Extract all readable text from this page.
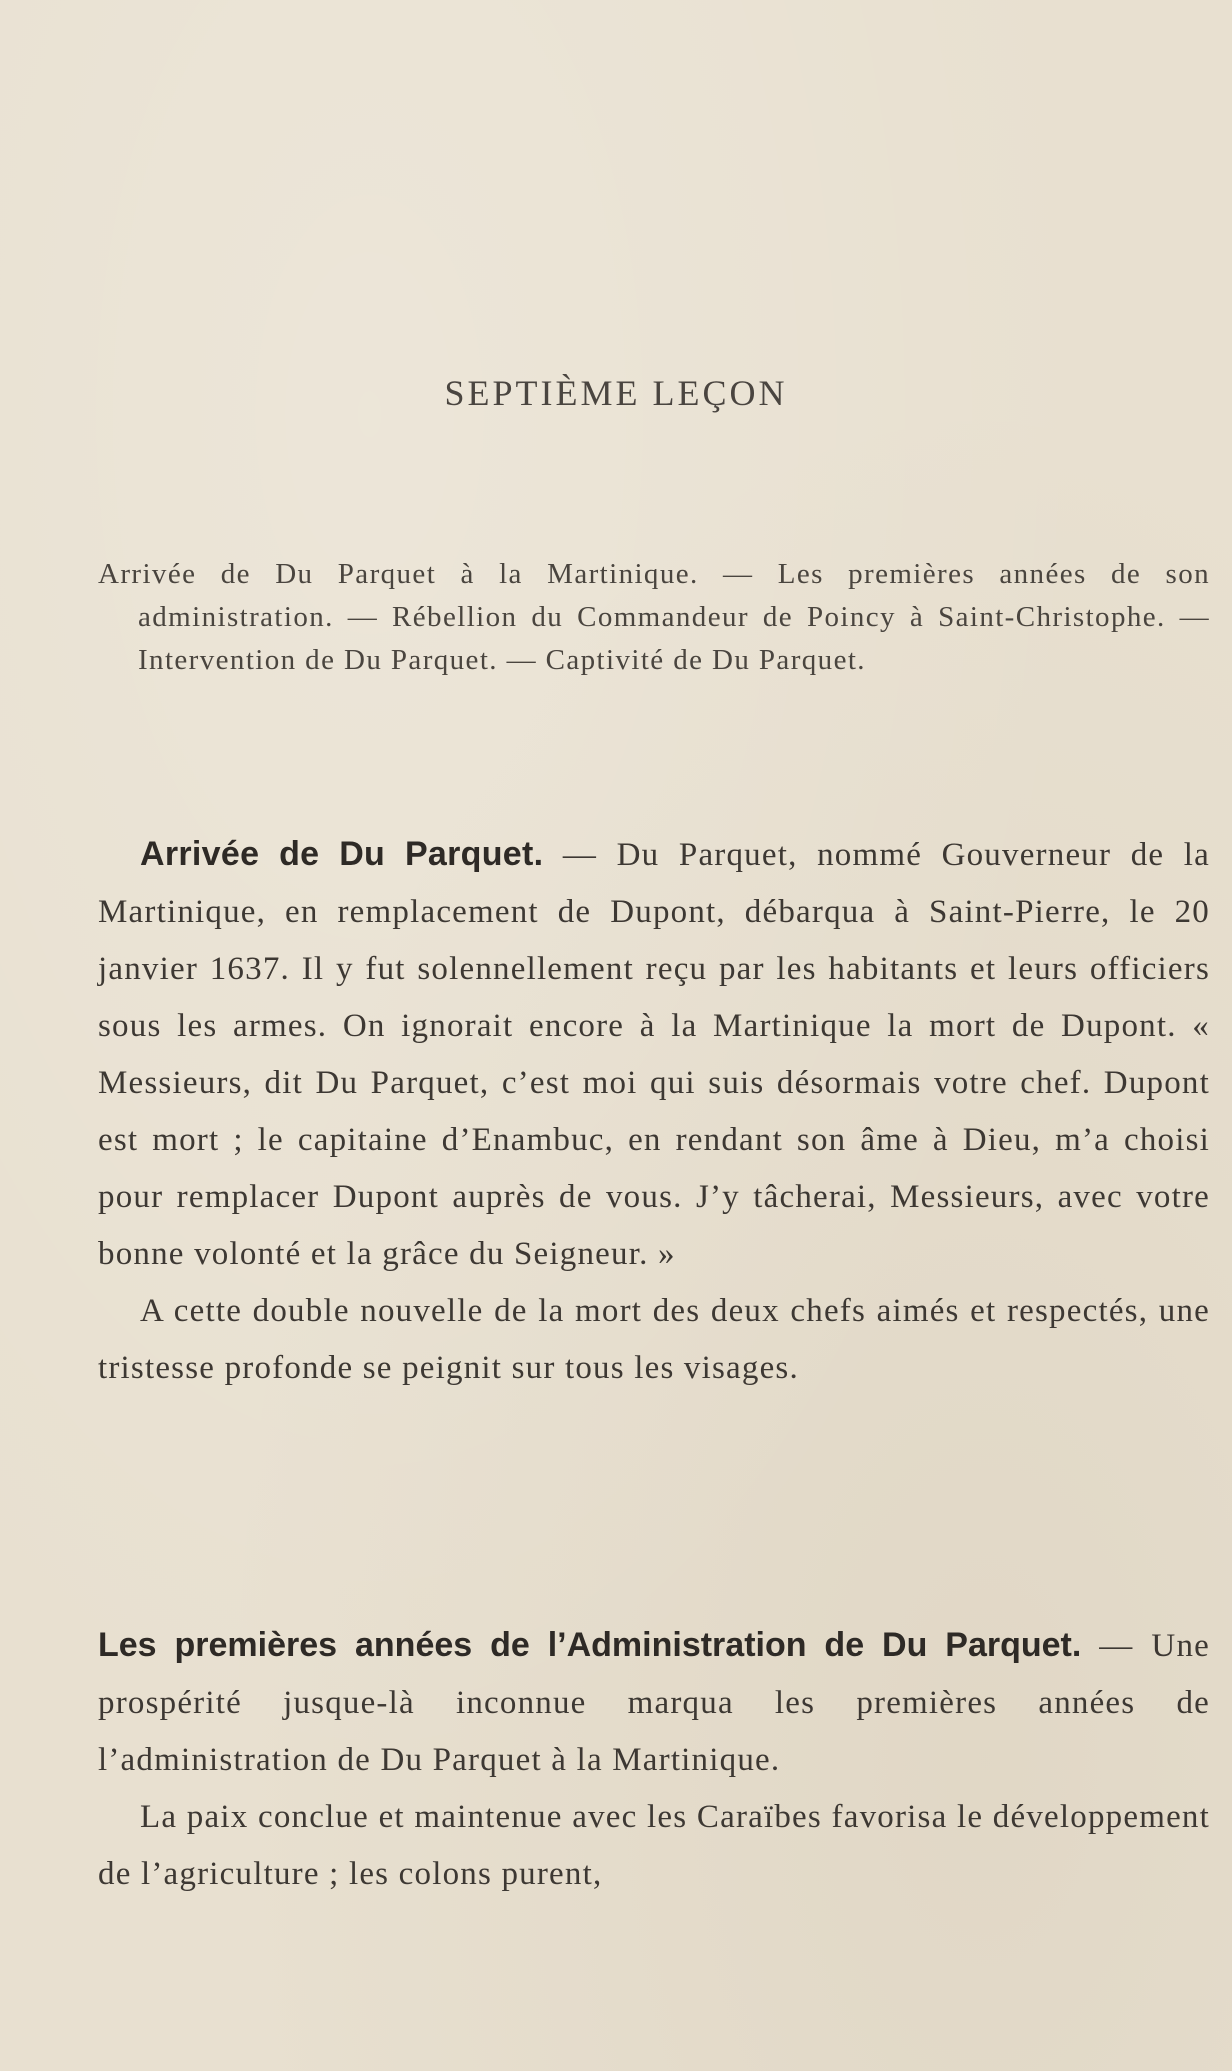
SEPTIÈME LEÇON

Arrivée de Du Parquet à la Martinique. — Les premières années de son administration. — Rébellion du Commandeur de Poincy à Saint-Christophe. — Intervention de Du Parquet. — Captivité de Du Parquet.

Arrivée de Du Parquet. — Du Parquet, nommé Gouverneur de la Martinique, en remplacement de Dupont, débarqua à Saint-Pierre, le 20 janvier 1637. Il y fut solennellement reçu par les habitants et leurs officiers sous les armes. On ignorait encore à la Martinique la mort de Dupont. « Messieurs, dit Du Parquet, c’est moi qui suis désormais votre chef. Dupont est mort ; le capitaine d’Enambuc, en rendant son âme à Dieu, m’a choisi pour remplacer Dupont auprès de vous. J’y tâcherai, Messieurs, avec votre bonne volonté et la grâce du Seigneur. »

A cette double nouvelle de la mort des deux chefs aimés et respectés, une tristesse profonde se peignit sur tous les visages.

Les premières années de l’Administration de Du Parquet. — Une prospérité jusque-là inconnue marqua les premières années de l’administration de Du Parquet à la Martinique.

La paix conclue et maintenue avec les Caraïbes favorisa le développement de l’agriculture ; les colons purent,
